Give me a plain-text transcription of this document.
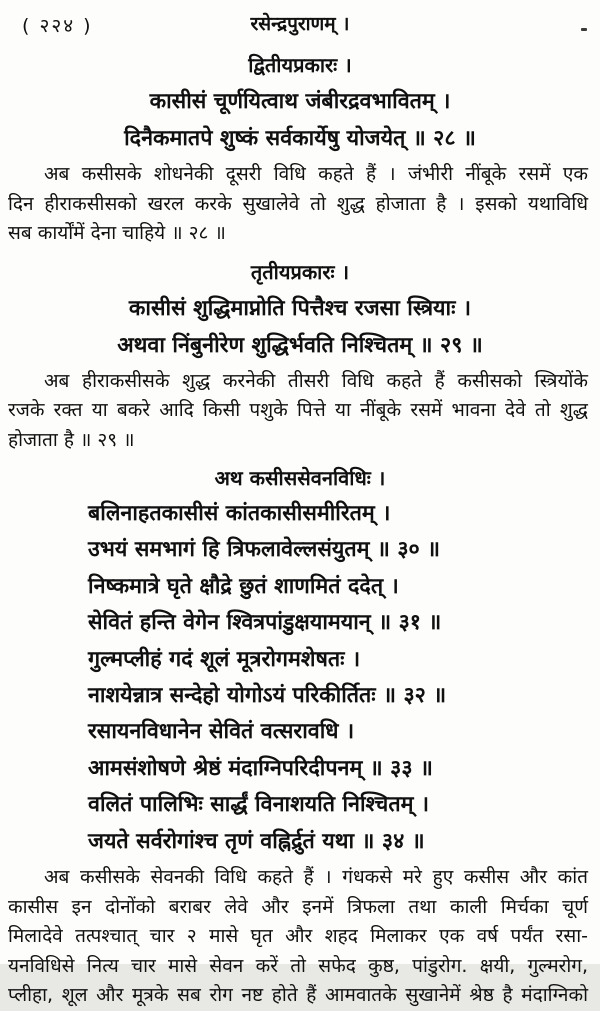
( २२४ )	रसेन्द्रपुराणम् ।
द्वितीयप्रकारः ।
कासीसं चूर्णयित्वाथ जंबीरद्रवभावितम् ।
दिनैकमातपे शुष्कं सर्वकार्येषु योजयेत् ॥ २८ ॥
अब कसीसके शोधनेकी दूसरी विधि कहते हैं । जंभीरी नींबूके रसमें एक
दिन हीराकसीसको खरल करके सुखालेवे तो शुद्ध होजाता है । इसको यथाविधि
सब कार्योंमें देना चाहिये ॥ २८ ॥
तृतीयप्रकारः ।
कासीसं शुद्धिमाप्नोति पित्तैश्च रजसा स्त्रियाः ।
अथवा निंबुनीरेण शुद्धिर्भवति निश्चितम् ॥ २९ ॥
अब हीराकसीसके शुद्ध करनेकी तीसरी विधि कहते हैं कसीसको स्त्रियोंके
रजके रक्त या बकरे आदि किसी पशुके पित्ते या नींबूके रसमें भावना देवे तो शुद्ध
होजाता है ॥ २९ ॥
अथ कसीससेवनविधिः ।
बलिनाहतकासीसं कांतकासीसमीरितम् ।
उभयं समभागं हि त्रिफलावेल्लसंयुतम् ॥ ३० ॥
निष्कमात्रे घृते क्षौद्रे छुतं शाणमितं ददेत् ।
सेवितं हन्ति वेगेन श्वित्रपांडुक्षयामयान् ॥ ३१ ॥
गुल्मप्लीहं गदं शूलं मूत्ररोगमशेषतः ।
नाशयेन्नात्र सन्देहो योगोऽयं परिकीर्तितः ॥ ३२ ॥
रसायनविधानेन सेवितं वत्सरावधि ।
आमसंशोषणे श्रेष्ठं मंदाग्निपरिदीपनम् ॥ ३३ ॥
वलितं पालिभिः सार्द्धं विनाशयति निश्चितम् ।
जयते सर्वरोगांश्च तृणं वह्निर्द्रुतं यथा ॥ ३४ ॥
अब कसीसके सेवनकी विधि कहते हैं । गंधकसे मरे हुए कसीस और कांत
कासीस इन दोनोंको बराबर लेवे और इनमें त्रिफला तथा काली मिर्चका चूर्ण
मिलादेवे तत्पश्चात् चार २ मासे घृत और शहद मिलाकर एक वर्ष पर्यंत रसा-
यनविधिसे नित्य चार मासे सेवन करें तो सफेद कुष्ठ, पांडुरोग. क्षयी, गुल्मरोग,
प्लीहा, शूल और मूत्रके सब रोग नष्ट होते हैं आमवातके सुखानेमें श्रेष्ठ है मंदाग्निको
